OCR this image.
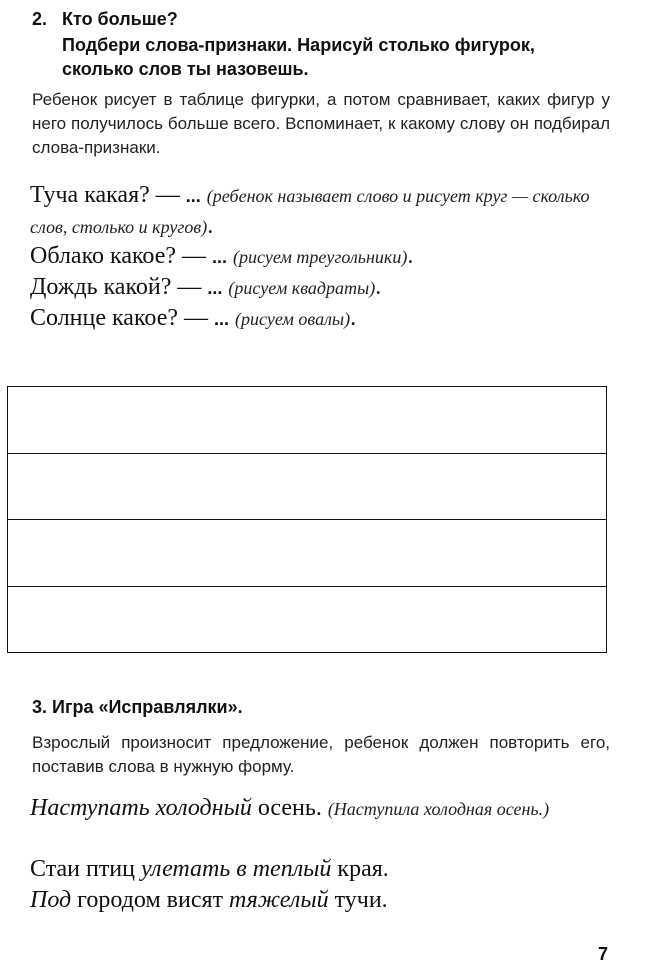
2. Кто больше?
Подбери слова-признаки. Нарисуй столько фигурок,
сколько слов ты назовешь.
Ребенок рисует в таблице фигурки, а потом сравнивает, каких фигур у него получилось больше всего. Вспоминает, к какому слову он подбирал слова-признаки.
Туча какая? — ... (ребенок называет слово и рисует круг — сколько слов, столько и кругов).
Облако какое? — ... (рисуем треугольники).
Дождь какой? — ... (рисуем квадраты).
Солнце какое? — ... (рисуем овалы).
3. Игра «Исправлялки».
Взрослый произносит предложение, ребенок должен повторить его, поставив слова в нужную форму.
Наступать холодный осень. (Наступила холодная осень.)
Стаи птиц улетать в теплый края.
Под городом висят тяжелый тучи.
7
